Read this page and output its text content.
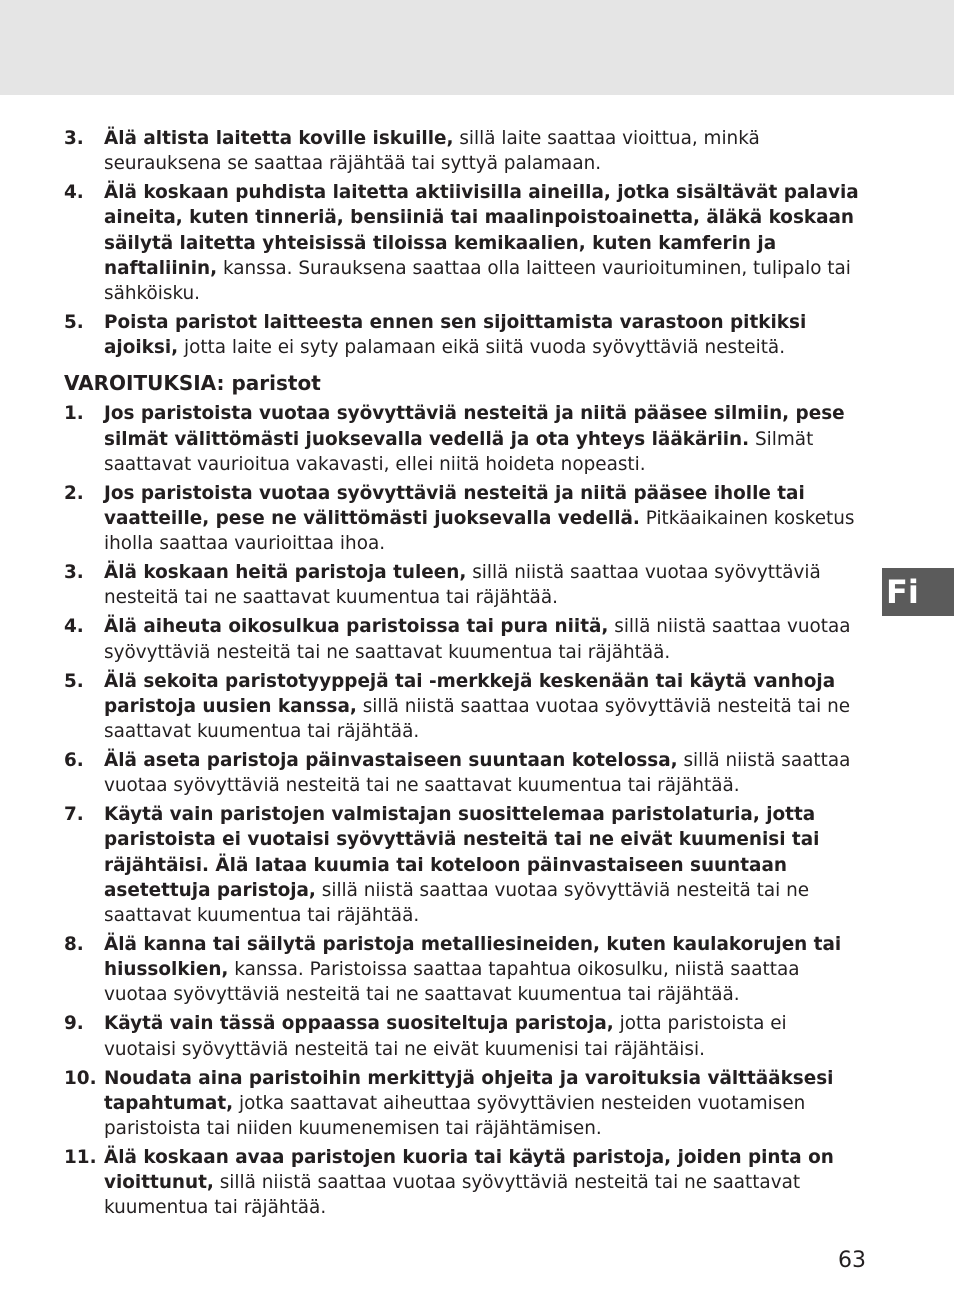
Fi
3. Älä altista laitetta koville iskuille, sillä laite saattaa vioittua, minkä seurauksena se saattaa räjähtää tai syttyä palamaan.
4. Älä koskaan puhdista laitetta aktiivisilla aineilla, jotka sisältävät palavia aineita, kuten tinneriä, bensiiniä tai maalinpoistoainetta, äläkä koskaan säilytä laitetta yhteisissä tiloissa kemikaalien, kuten kamferin ja naftaliinin, kanssa. Surauksena saattaa olla laitteen vaurioituminen, tulipalo tai sähköisku.
5. Poista paristot laitteesta ennen sen sijoittamista varastoon pitkiksi ajoiksi, jotta laite ei syty palamaan eikä siitä vuoda syövyttäviä nesteitä.
VAROITUKSIA: paristot
1. Jos paristoista vuotaa syövyttäviä nesteitä ja niitä pääsee silmiin, pese silmät välittömästi juoksevalla vedellä ja ota yhteys lääkäriin. Silmät saattavat vaurioitua vakavasti, ellei niitä hoideta nopeasti.
2. Jos paristoista vuotaa syövyttäviä nesteitä ja niitä pääsee iholle tai vaatteille, pese ne välittömästi juoksevalla vedellä. Pitkäaikainen kosketus iholla saattaa vaurioittaa ihoa.
3. Älä koskaan heitä paristoja tuleen, sillä niistä saattaa vuotaa syövyttäviä nesteitä tai ne saattavat kuumentua tai räjähtää.
4. Älä aiheuta oikosulkua paristoissa tai pura niitä, sillä niistä saattaa vuotaa syövyttäviä nesteitä tai ne saattavat kuumentua tai räjähtää.
5. Älä sekoita paristotyyppejä tai -merkkejä keskenään tai käytä vanhoja paristoja uusien kanssa, sillä niistä saattaa vuotaa syövyttäviä nesteitä tai ne saattavat kuumentua tai räjähtää.
6. Älä aseta paristoja päinvastaiseen suuntaan kotelossa, sillä niistä saattaa vuotaa syövyttäviä nesteitä tai ne saattavat kuumentua tai räjähtää.
7. Käytä vain paristojen valmistajan suosittelemaa paristolaturia, jotta paristoista ei vuotaisi syövyttäviä nesteitä tai ne eivät kuumenisi tai räjähtäisi. Älä lataa kuumia tai koteloon päinvastaiseen suuntaan asetettuja paristoja, sillä niistä saattaa vuotaa syövyttäviä nesteitä tai ne saattavat kuumentua tai räjähtää.
8. Älä kanna tai säilytä paristoja metalliesineiden, kuten kaulakorujen tai hiussolkien, kanssa. Paristoissa saattaa tapahtua oikosulku, niistä saattaa vuotaa syövyttäviä nesteitä tai ne saattavat kuumentua tai räjähtää.
9. Käytä vain tässä oppaassa suositeltuja paristoja, jotta paristoista ei vuotaisi syövyttäviä nesteitä tai ne eivät kuumenisi tai räjähtäisi.
10. Noudata aina paristoihin merkittyjä ohjeita ja varoituksia välttääksesi tapahtumat, jotka saattavat aiheuttaa syövyttävien nesteiden vuotamisen paristoista tai niiden kuumenemisen tai räjähtämisen.
11. Älä koskaan avaa paristojen kuoria tai käytä paristoja, joiden pinta on vioittunut, sillä niistä saattaa vuotaa syövyttäviä nesteitä tai ne saattavat kuumentua tai räjähtää.
63
